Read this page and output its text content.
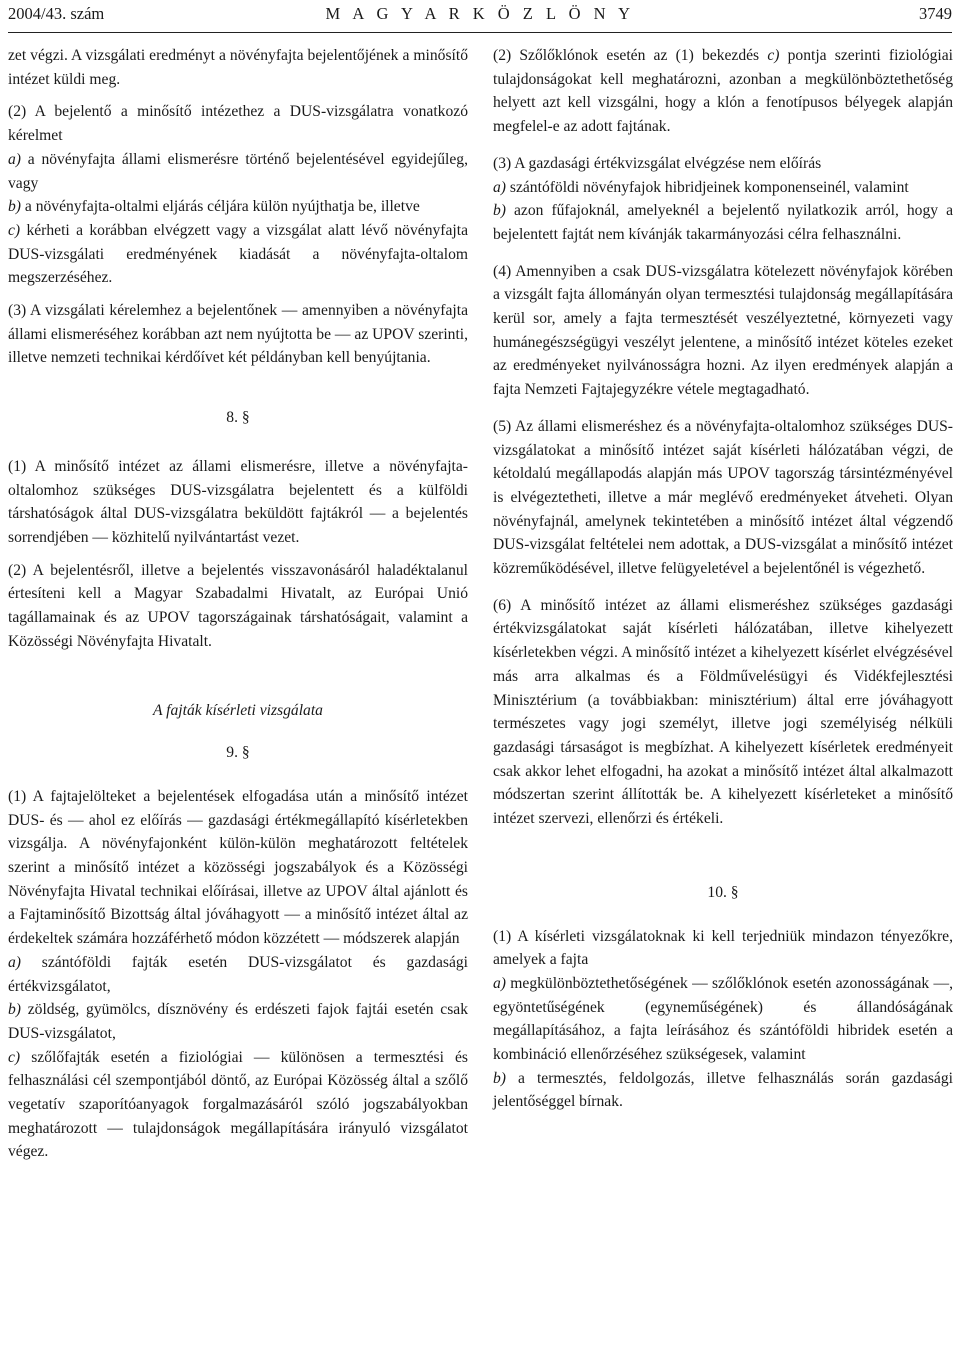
2004/43. szám	M A G Y A R K Ö Z L Ö N Y	3749

zet végzi. A vizsgálati eredményt a növényfajta bejelentőjének a minősítő intézet küldi meg.

(2) A bejelentő a minősítő intézethez a DUS-vizsgálatra vonatkozó kérelmet

a) a növényfajta állami elismerésre történő bejelentésével egyidejűleg, vagy

b) a növényfajta-oltalmi eljárás céljára külön nyújthatja be, illetve

c) kérheti a korábban elvégzett vagy a vizsgálat alatt lévő növényfajta DUS-vizsgálati eredményének kiadását a növényfajta-oltalom megszerzéséhez.

(3) A vizsgálati kérelemhez a bejelentőnek — amennyiben a növényfajta állami elismeréséhez korábban azt nem nyújtotta be — az UPOV szerinti, illetve nemzeti technikai kérdőívet két példányban kell benyújtania.

8. §

(1) A minősítő intézet az állami elismerésre, illetve a növényfajta-oltalomhoz szükséges DUS-vizsgálatra bejelentett és a külföldi társhatóságok által DUS-vizsgálatra beküldött fajtákról — a bejelentés sorrendjében — közhitelű nyilvántartást vezet.

(2) A bejelentésről, illetve a bejelentés visszavonásáról haladéktalanul értesíteni kell a Magyar Szabadalmi Hivatalt, az Európai Unió tagállamainak és az UPOV tagországainak társhatóságait, valamint a Közösségi Növényfajta Hivatalt.

A fajták kísérleti vizsgálata

9. §

(1) A fajtajelölteket a bejelentések elfogadása után a minősítő intézet DUS- és — ahol ez előírás — gazdasági értékmegállapító kísérletekben vizsgálja. A növényfajonként külön-külön meghatározott feltételek szerint a minősítő intézet a közösségi jogszabályok és a Közösségi Növényfajta Hivatal technikai előírásai, illetve az UPOV által ajánlott és a Fajtaminősítő Bizottság által jóváhagyott — a minősítő intézet által az érdekeltek számára hozzáférhető módon közzétett — módszerek alapján

a) szántóföldi fajták esetén DUS-vizsgálatot és gazdasági értékvizsgálatot,

b) zöldség, gyümölcs, dísznövény és erdészeti fajok fajtái esetén csak DUS-vizsgálatot,

c) szőlőfajták esetén a fiziológiai — különösen a termesztési és felhasználási cél szempontjából döntő, az Európai Közösség által a szőlő vegetatív szaporítóanyagok forgalmazásáról szóló jogszabályokban meghatározott — tulajdonságok megállapítására irányuló vizsgálatot végez.

(2) Szőlőklónok esetén az (1) bekezdés c) pontja szerinti fiziológiai tulajdonságokat kell meghatározni, azonban a megkülönböztethetőség helyett azt kell vizsgálni, hogy a klón a fenotípusos bélyegek alapján megfelel-e az adott fajtának.

(3) A gazdasági értékvizsgálat elvégzése nem előírás

a) szántóföldi növényfajok hibridjeinek komponenseinél, valamint

b) azon fűfajoknál, amelyeknél a bejelentő nyilatkozik arról, hogy a bejelentett fajtát nem kívánják takarmányozási célra felhasználni.

(4) Amennyiben a csak DUS-vizsgálatra kötelezett növényfajok körében a vizsgált fajta állományán olyan termesztési tulajdonság megállapítására kerül sor, amely a fajta termesztését veszélyeztetné, környezeti vagy humánegészségügyi veszélyt jelentene, a minősítő intézet köteles ezeket az eredményeket nyilvánosságra hozni. Az ilyen eredmények alapján a fajta Nemzeti Fajtajegyzékre vétele megtagadható.

(5) Az állami elismeréshez és a növényfajta-oltalomhoz szükséges DUS-vizsgálatokat a minősítő intézet saját kísérleti hálózatában végzi, de kétoldalú megállapodás alapján más UPOV tagország társintézményével is elvégeztetheti, illetve a már meglévő eredményeket átveheti. Olyan növényfajnál, amelynek tekintetében a minősítő intézet által végzendő DUS-vizsgálat feltételei nem adottak, a DUS-vizsgálat a minősítő intézet közreműködésével, illetve felügyeletével a bejelentőnél is végezhető.

(6) A minősítő intézet az állami elismeréshez szükséges gazdasági értékvizsgálatokat saját kísérleti hálózatában, illetve kihelyezett kísérletekben végzi. A minősítő intézet a kihelyezett kísérlet elvégzésével más arra alkalmas és a Földművelésügyi és Vidékfejlesztési Minisztérium (a továbbiakban: minisztérium) által erre jóváhagyott természetes vagy jogi személyt, illetve jogi személyiség nélküli gazdasági társaságot is megbízhat. A kihelyezett kísérletek eredményeit csak akkor lehet elfogadni, ha azokat a minősítő intézet által alkalmazott módszertan szerint állították be. A kihelyezett kísérleteket a minősítő intézet szervezi, ellenőrzi és értékeli.

10. §

(1) A kísérleti vizsgálatoknak ki kell terjedniük mindazon tényezőkre, amelyek a fajta

a) megkülönböztethetőségének — szőlőklónok esetén azonosságának —, egyöntetűségének (egyneműségének) és állandóságának megállapításához, a fajta leírásához és szántóföldi hibridek esetén a kombináció ellenőrzéséhez szükségesek, valamint

b) a termesztés, feldolgozás, illetve felhasználás során gazdasági jelentőséggel bírnak.
